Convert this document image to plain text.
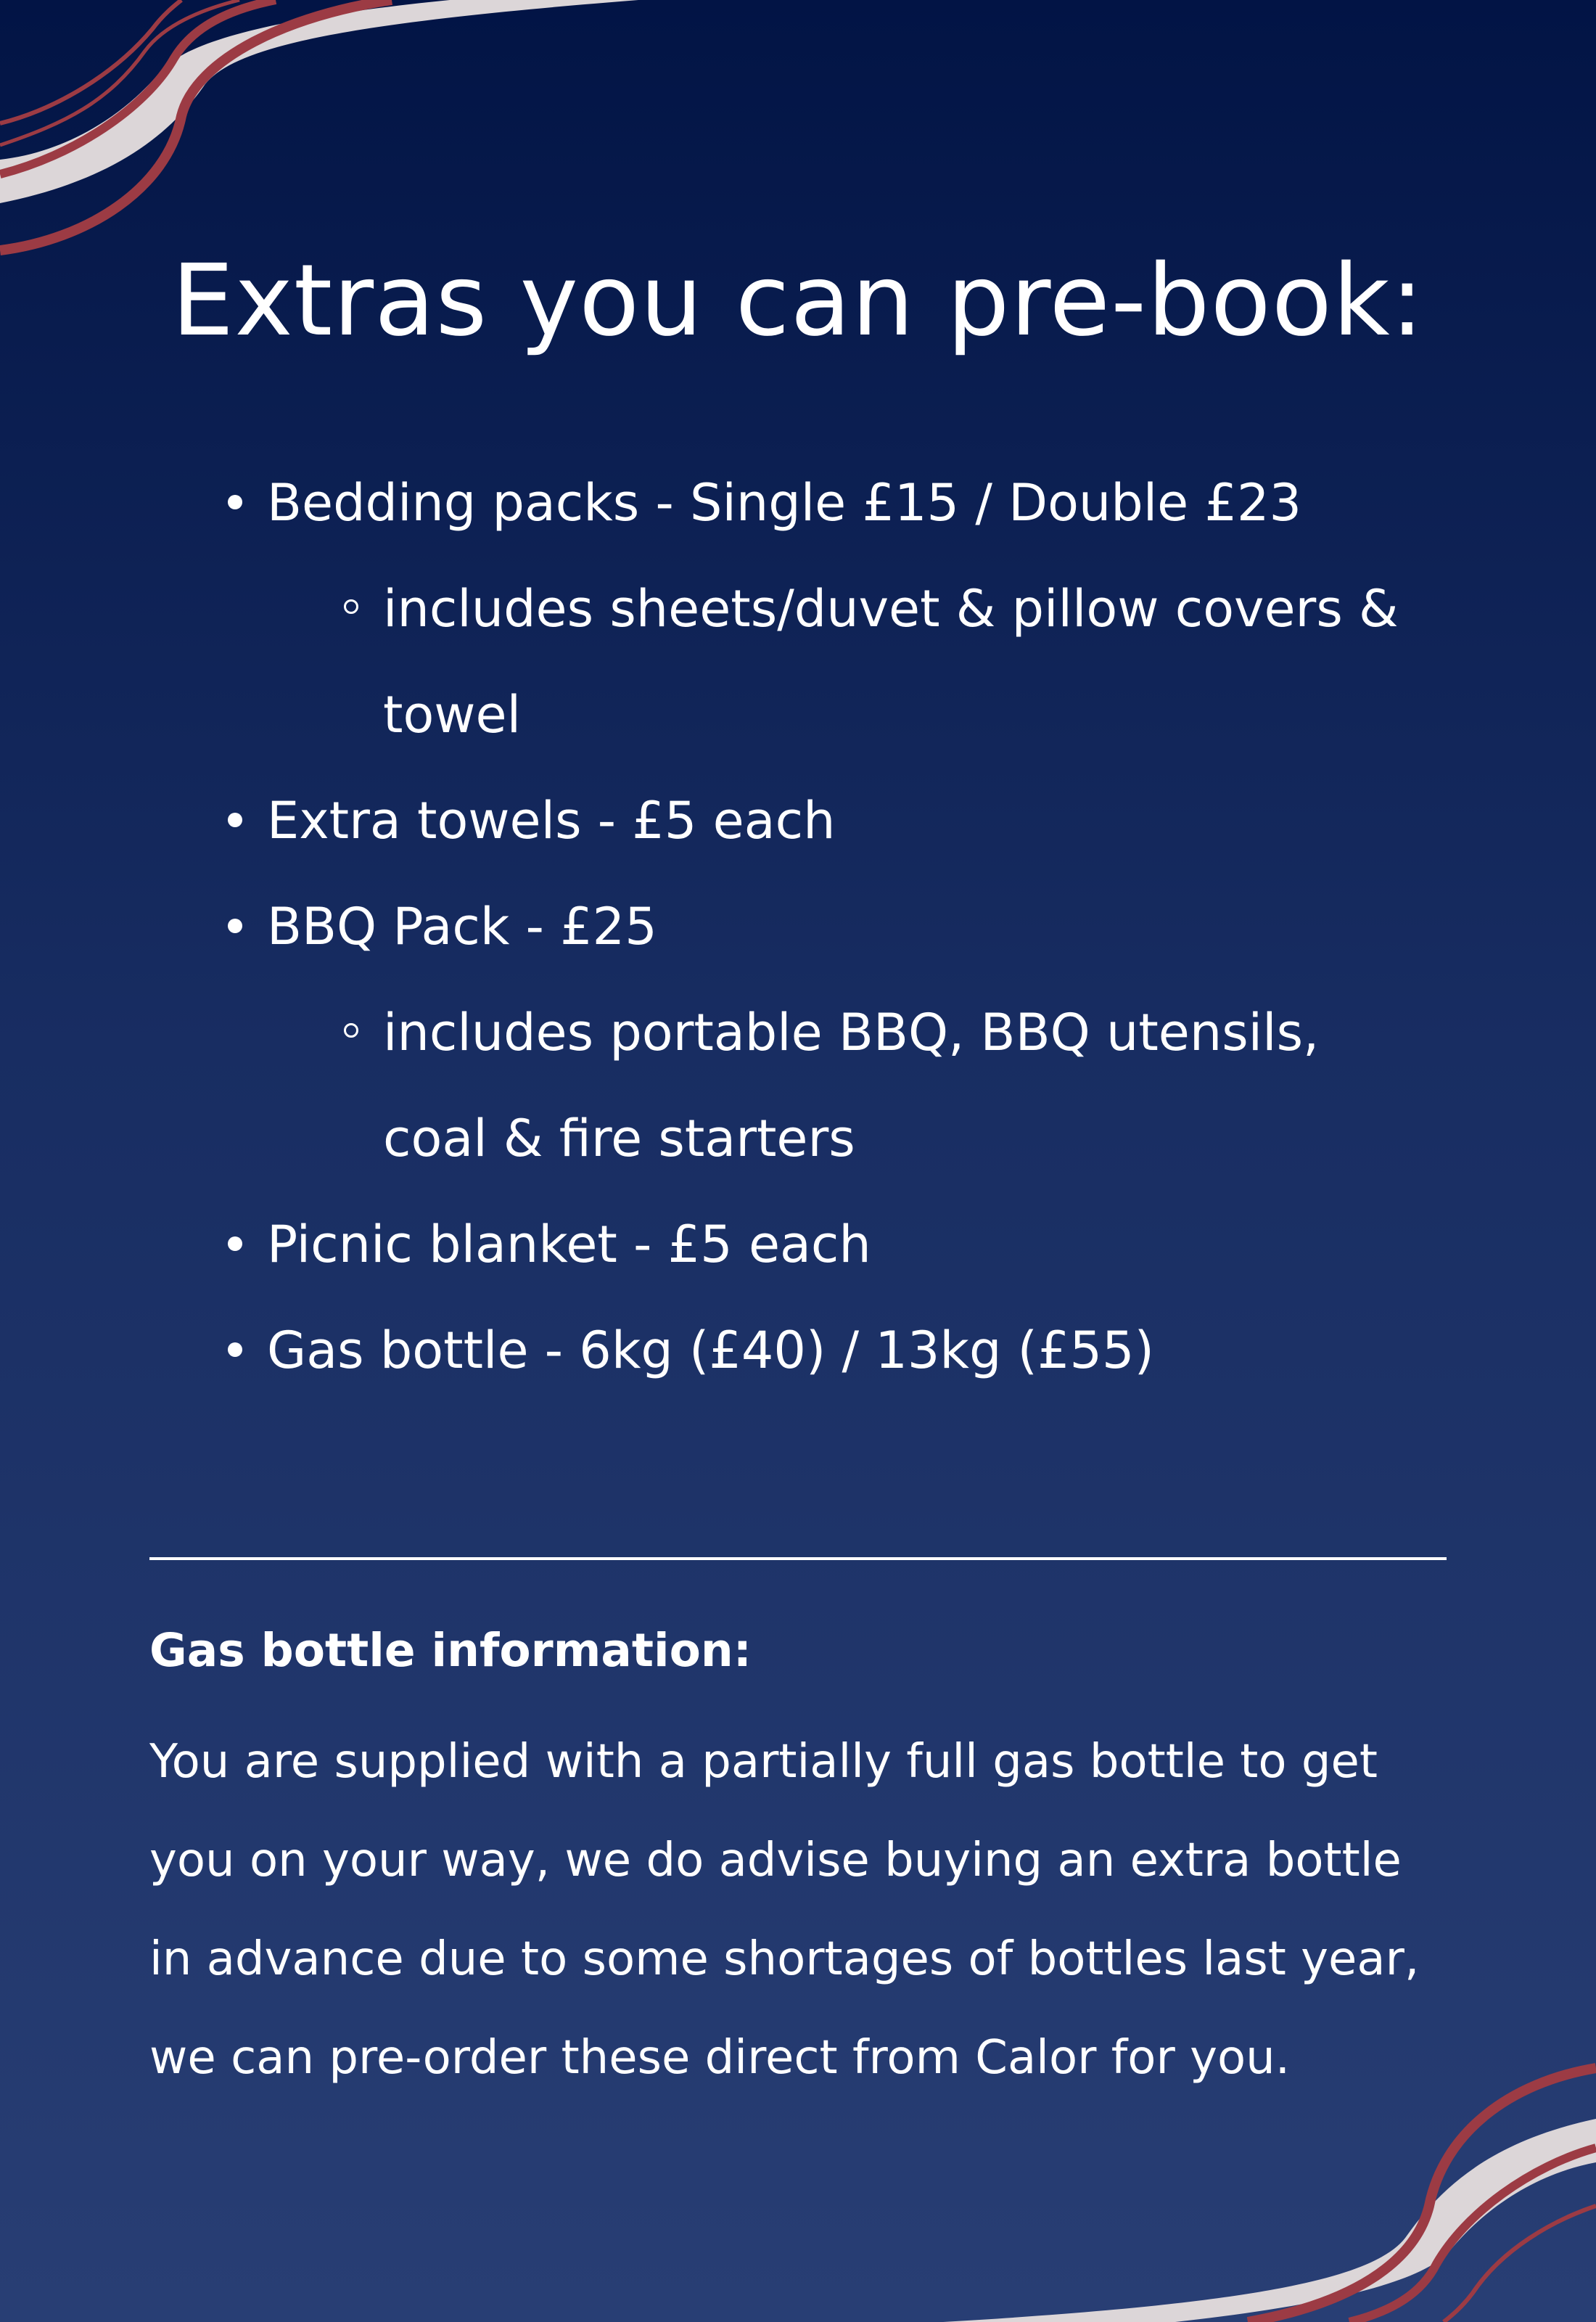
Extras you can pre-book:
Bedding packs - Single £15 / Double £23
includes sheets/duvet & pillow covers &
towel
Extra towels - £5 each
BBQ Pack - £25
includes portable BBQ, BBQ utensils,
coal & fire starters
Picnic blanket - £5 each
Gas bottle - 6kg (£40) / 13kg (£55)
Gas bottle information:
You are supplied with a partially full gas bottle to get
you on your way, we do advise buying an extra bottle
in advance due to some shortages of bottles last year,
we can pre-order these direct from Calor for you.
